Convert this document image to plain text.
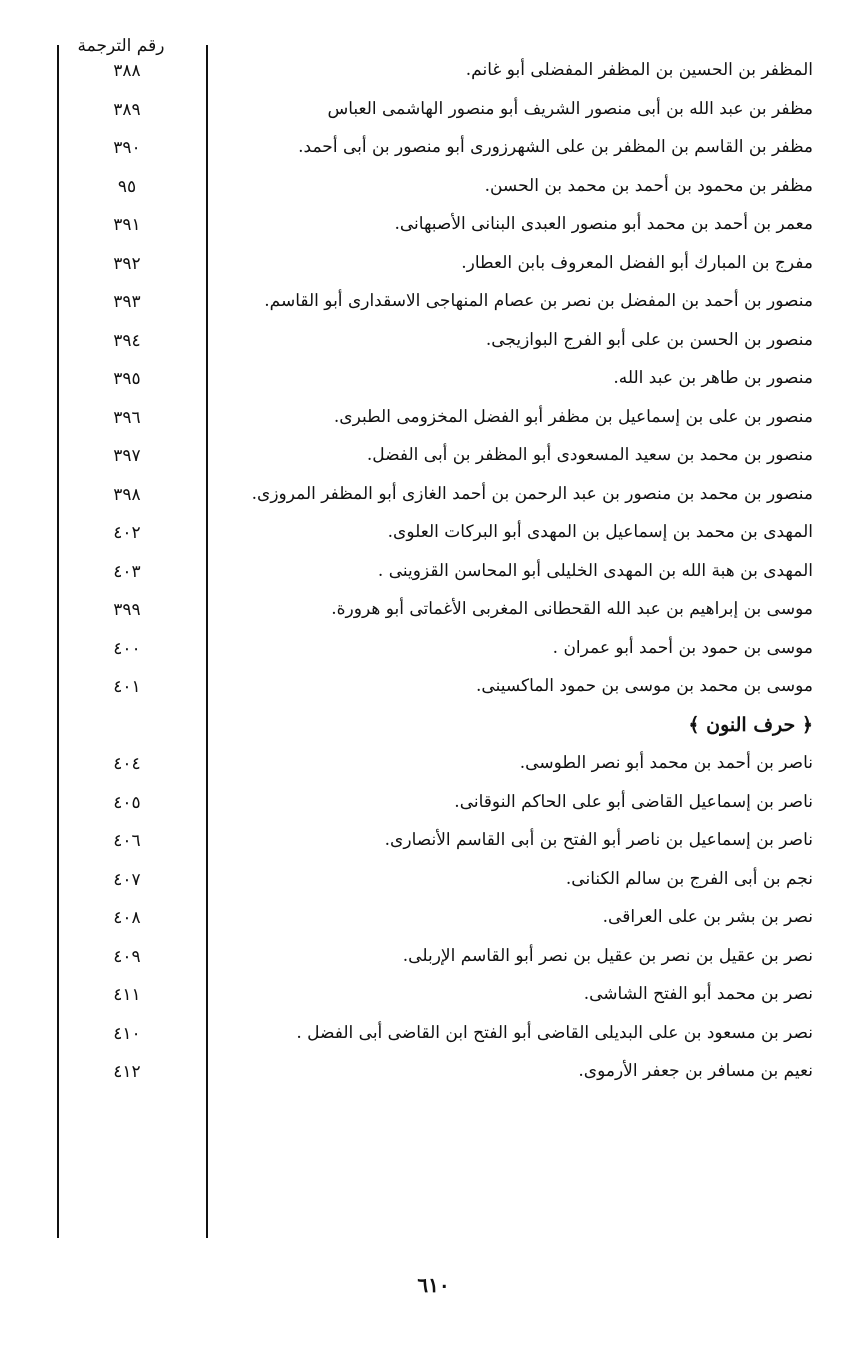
رقم الترجمة
المظفر بن الحسين بن المظفر المفضلى أبو غانم.
٣٨٨
مظفر بن عبد الله بن أبى منصور الشريف أبو منصور الهاشمى العباس
٣٨٩
مظفر بن القاسم بن المظفر بن على الشهرزورى أبو منصور بن أبى أحمد.
٣٩٠
مظفر بن محمود بن أحمد بن محمد بن الحسن.
٩٥
معمر بن أحمد بن محمد أبو منصور العبدى البنانى الأصبهانى.
٣٩١
مفرج بن المبارك أبو الفضل المعروف بابن العطار.
٣٩٢
منصور بن أحمد بن المفضل بن نصر بن عصام المنهاجى الاسقدارى أبو القاسم.
٣٩٣
منصور بن الحسن بن على أبو الفرج البوازيجى.
٣٩٤
منصور بن طاهر بن عبد الله.
٣٩٥
منصور بن على بن إسماعيل بن مظفر أبو الفضل المخزومى الطبرى.
٣٩٦
منصور بن محمد بن سعيد المسعودى أبو المظفر بن أبى الفضل.
٣٩٧
منصور بن محمد بن منصور بن عبد الرحمن بن أحمد الغازى أبو المظفر المروزى.
٣٩٨
المهدى بن محمد بن إسماعيل بن المهدى أبو البركات العلوى.
٤٠٢
المهدى بن هبة الله بن المهدى الخليلى أبو المحاسن القزوينى .
٤٠٣
موسى بن إبراهيم بن عبد الله القحطانى المغربى الأغماتى أبو هرورة.
٣٩٩
موسى بن حمود بن أحمد أبو عمران .
٤٠٠
موسى بن محمد بن موسى بن حمود الماكسينى.
٤٠١
﴿ حرف النون ﴾
ناصر بن أحمد بن محمد أبو نصر الطوسى.
٤٠٤
ناصر بن إسماعيل القاضى أبو على الحاكم النوقانى.
٤٠٥
ناصر بن إسماعيل بن ناصر أبو الفتح بن أبى القاسم الأنصارى.
٤٠٦
نجم بن أبى الفرج بن سالم الكنانى.
٤٠٧
نصر بن بشر بن على العراقى.
٤٠٨
نصر بن عقيل بن نصر بن عقيل بن نصر أبو القاسم الإربلى.
٤٠٩
نصر بن محمد أبو الفتح الشاشى.
٤١١
نصر بن مسعود بن على البديلى القاضى أبو الفتح ابن القاضى أبى الفضل .
٤١٠
نعيم بن مسافر بن جعفر الأرموى.
٤١٢
٦١٠
